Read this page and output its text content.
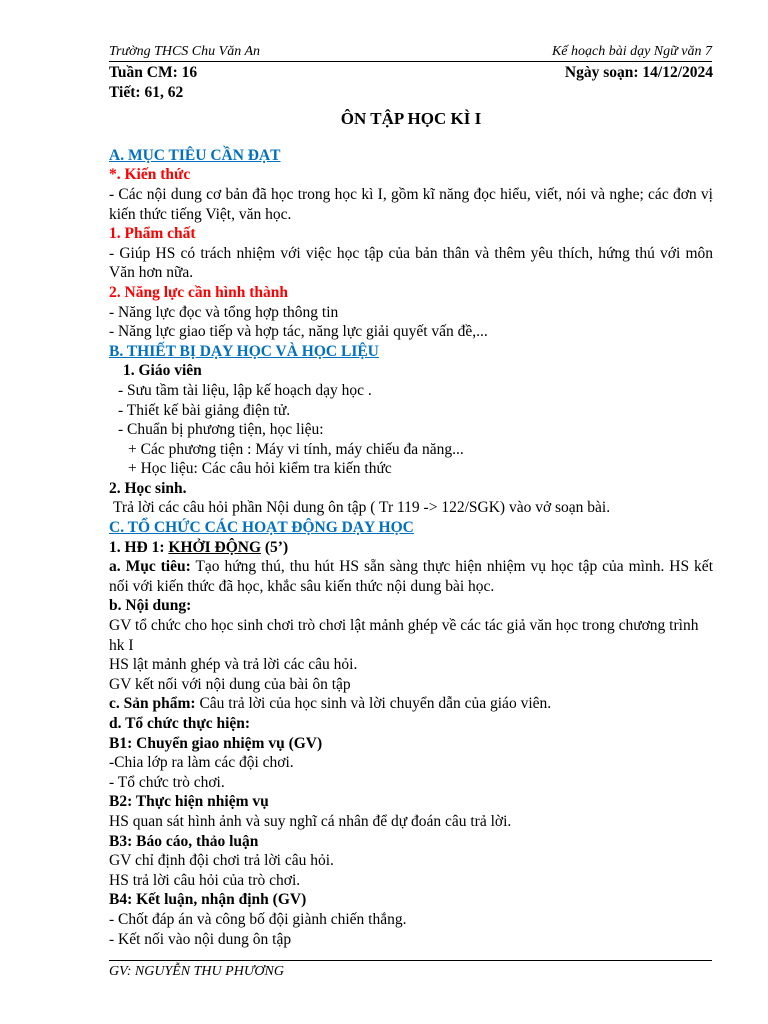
Trường THCS Chu Văn An	Kế hoạch bài dạy Ngữ văn 7
Tuần CM: 16	Ngày soạn: 14/12/2024
Tiết: 61, 62
ÔN TẬP HỌC KÌ I
A. MỤC TIÊU CẦN ĐẠT
*. Kiến thức
- Các nội dung cơ bản đã học trong học kì I, gồm kĩ năng đọc hiểu, viết, nói và nghe; các đơn vị kiến thức tiếng Việt, văn học.
1. Phẩm chất
- Giúp HS có trách nhiệm với việc học tập của bản thân và thêm yêu thích, hứng thú với môn Văn hơn nữa.
2. Năng lực cần hình thành
- Năng lực đọc và tổng hợp thông tin
- Năng lực giao tiếp và hợp tác, năng lực giải quyết vấn đề,...
B. THIẾT BỊ DẠY HỌC VÀ HỌC LIỆU
1. Giáo viên
- Sưu tầm tài liệu, lập kế hoạch dạy học .
- Thiết kế bài giảng điện tử.
- Chuẩn bị phương tiện, học liệu:
+ Các phương tiện : Máy vi tính, máy chiếu đa năng...
+ Học liệu: Các câu hỏi kiểm tra kiến thức
2. Học sinh.
Trả lời các câu hỏi phần Nội dung ôn tập ( Tr 119 -> 122/SGK) vào vở soạn bài.
C. TỔ CHỨC CÁC HOẠT ĐỘNG DẠY HỌC
1. HĐ 1: KHỞI ĐỘNG (5’)
a. Mục tiêu: Tạo hứng thú, thu hút HS sẵn sàng thực hiện nhiệm vụ học tập của mình. HS kết nối với kiến thức đã học, khắc sâu kiến thức nội dung bài học.
b. Nội dung:
GV tổ chức cho học sinh chơi trò chơi lật mảnh ghép về các tác giả văn học trong chương trình hk I
HS lật mảnh ghép và trả lời các câu hỏi.
GV kết nối với nội dung của bài ôn tập
c. Sản phẩm: Câu trả lời của học sinh và lời chuyển dẫn của giáo viên.
d. Tổ chức thực hiện:
B1: Chuyển giao nhiệm vụ (GV)
-Chia lớp ra làm các đội chơi.
- Tổ chức trò chơi.
B2: Thực hiện nhiệm vụ
HS quan sát hình ảnh và suy nghĩ cá nhân để dự đoán câu trả lời.
B3: Báo cáo, thảo luận
GV chỉ định đội chơi trả lời câu hỏi.
HS trả lời câu hỏi của trò chơi.
B4: Kết luận, nhận định (GV)
- Chốt đáp án và công bố đội giành chiến thắng.
- Kết nối vào nội dung ôn tập
GV: NGUYỄN THU PHƯƠNG
